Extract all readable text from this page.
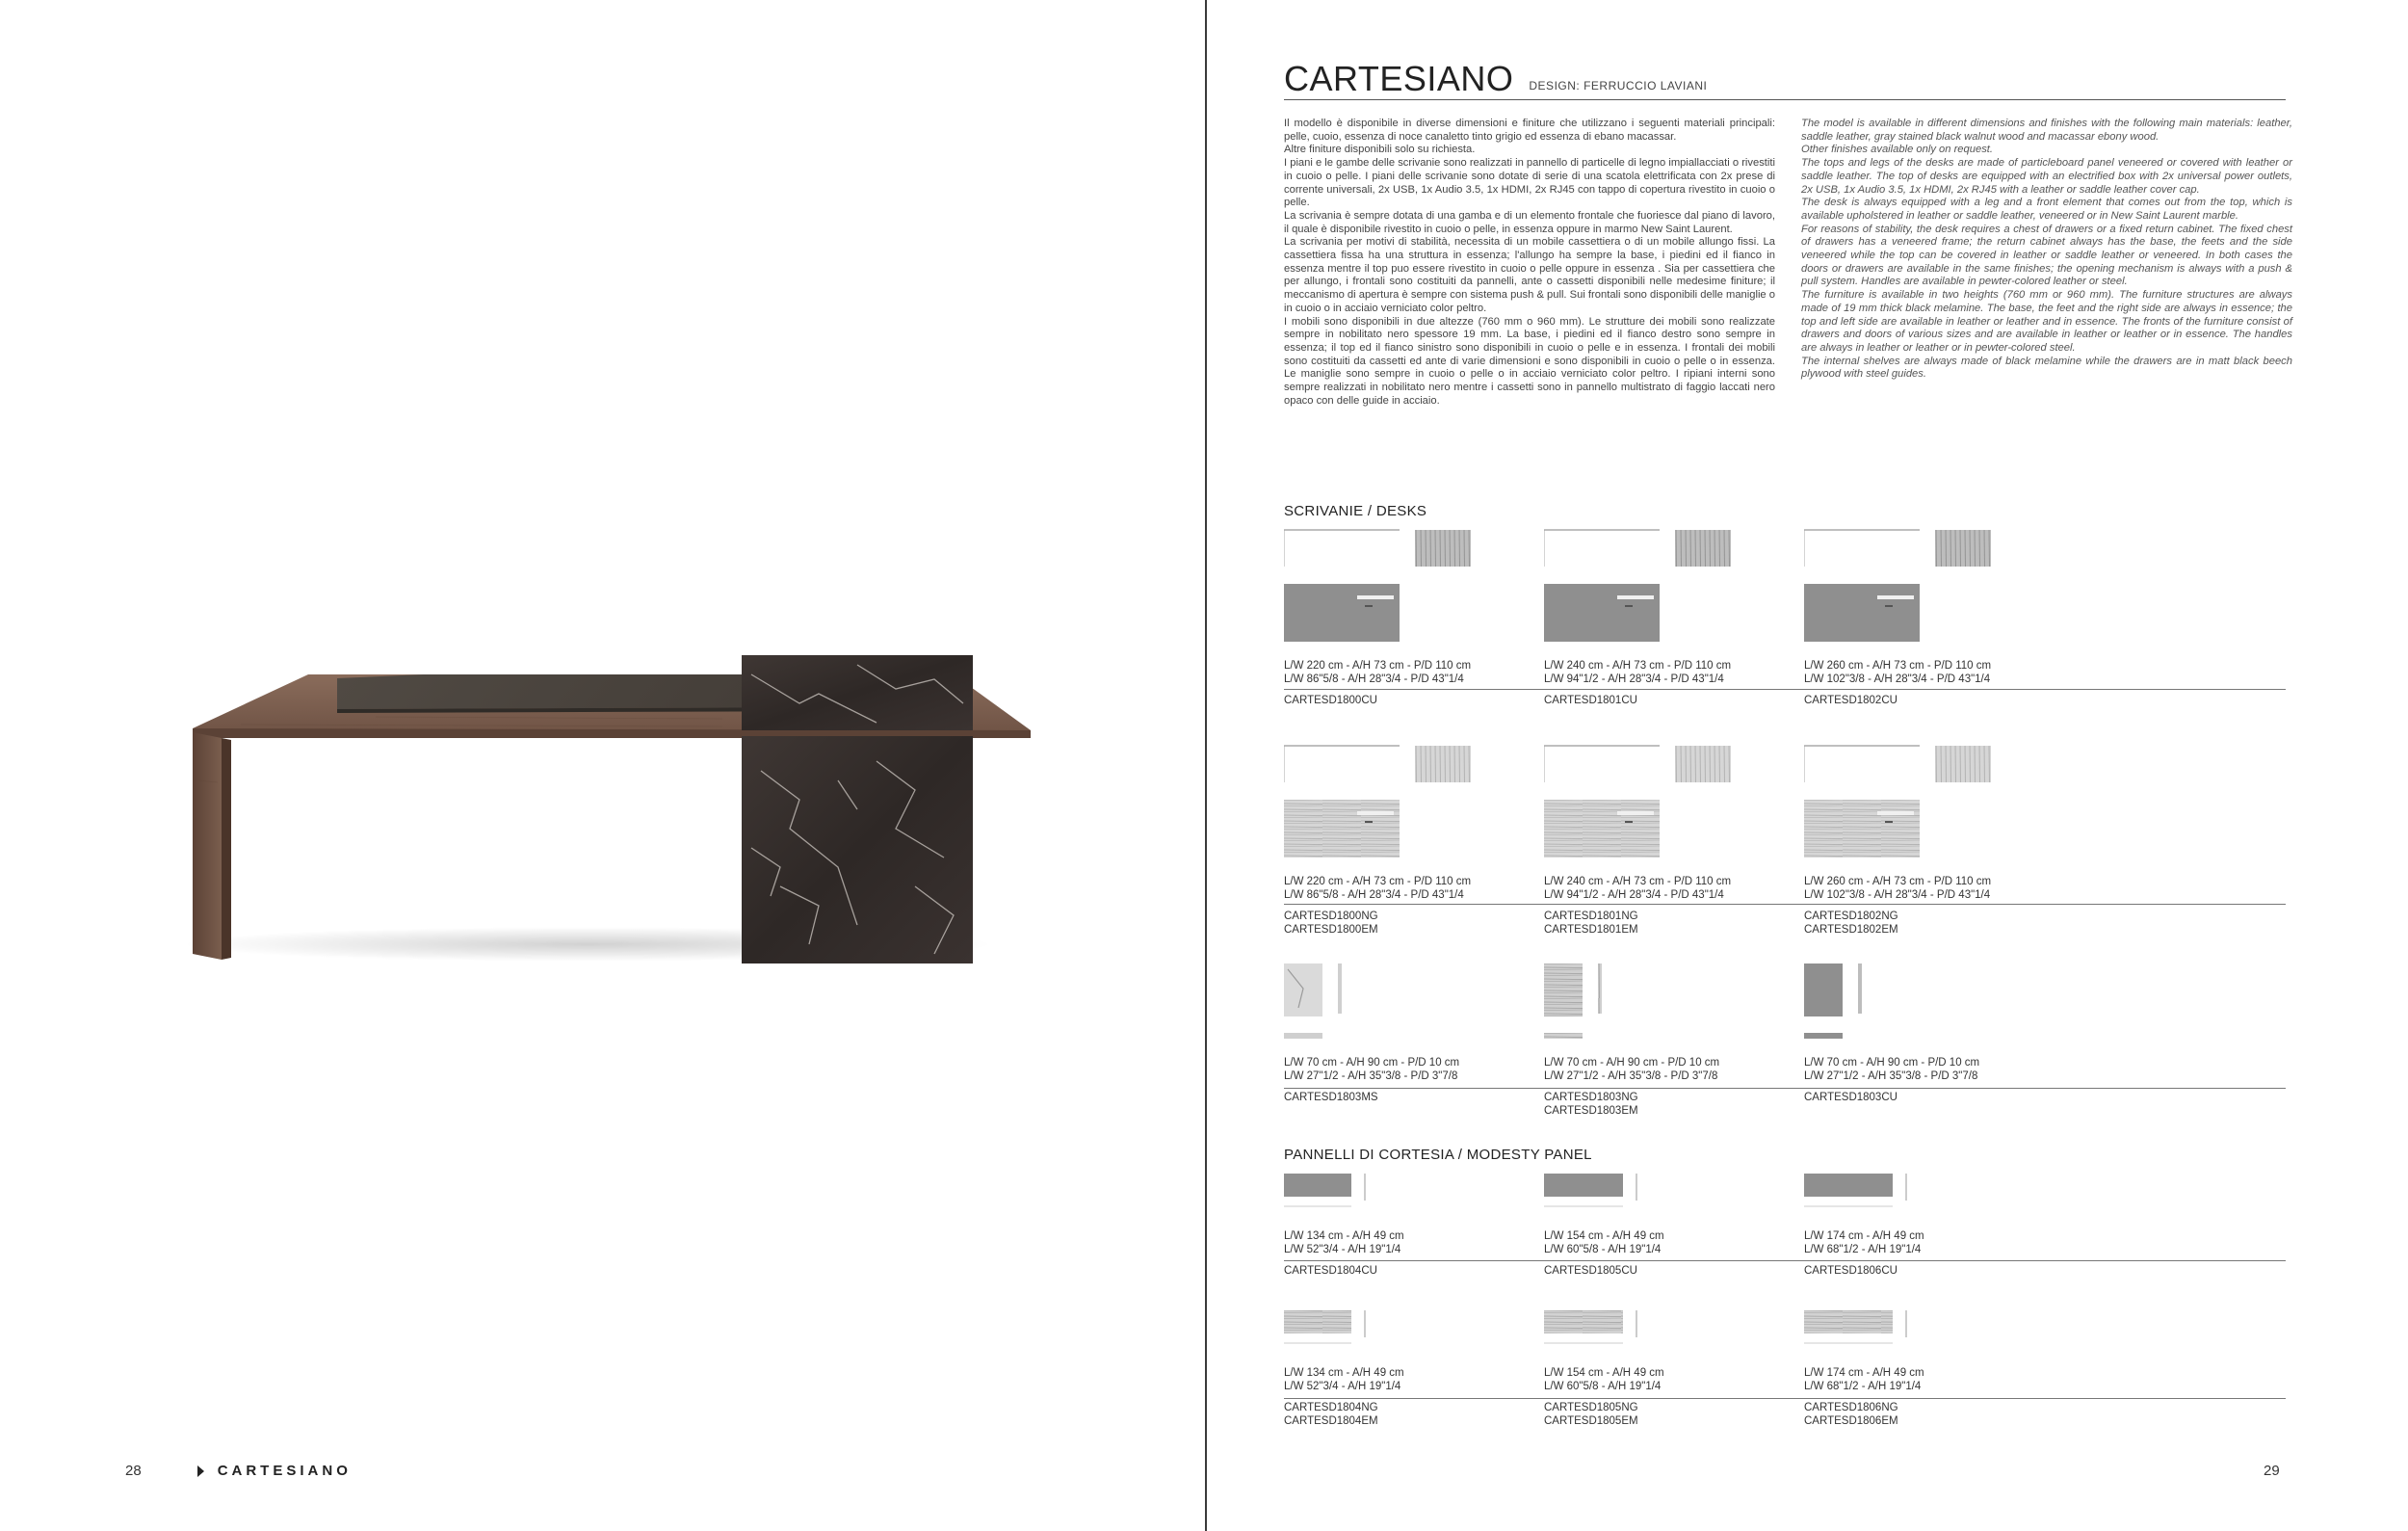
28	CARTESIANO
CARTESIANO DESIGN: FERRUCCIO LAVIANI

Il modello è disponibile in diverse dimensioni e finiture che utilizzano i seguenti materiali principali: pelle, cuoio, essenza di noce canaletto tinto grigio ed essenza di ebano macassar.

Altre finiture disponibili solo su richiesta.

I piani e le gambe delle scrivanie sono realizzati in pannello di particelle di legno impiallacciati o rivestiti in cuoio o pelle. I piani delle scrivanie sono dotate di serie di una scatola elettrificata con 2x prese di corrente universali, 2x USB, 1x Audio 3.5, 1x HDMI, 2x RJ45 con tappo di copertura rivestito in cuoio o pelle.

La scrivania è sempre dotata di una gamba e di un elemento frontale che fuoriesce dal piano di lavoro, il quale è disponibile rivestito in cuoio o pelle, in essenza oppure in marmo New Saint Laurent.

La scrivania per motivi di stabilità, necessita di un mobile cassettiera o di un mobile allungo fissi. La cassettiera fissa ha una struttura in essenza; l'allungo ha sempre la base, i piedini ed il fianco in essenza mentre il top puo essere rivestito in cuoio o pelle oppure in essenza . Sia per cassettiera che per allungo, i frontali sono costituiti da pannelli, ante o cassetti disponibili nelle medesime finiture; il meccanismo di apertura è sempre con sistema push & pull. Sui frontali sono disponibili delle maniglie o in cuoio o in acciaio verniciato color peltro.

I mobili sono disponibili in due altezze (760 mm o 960 mm). Le strutture dei mobili sono realizzate sempre in nobilitato nero spessore 19 mm. La base, i piedini ed il fianco destro sono sempre in essenza; il top ed il fianco sinistro sono disponibili in cuoio o pelle e in essenza. I frontali dei mobili sono costituiti da cassetti ed ante di varie dimensioni e sono disponibili in cuoio o pelle o in essenza. Le maniglie sono sempre in cuoio o pelle o in acciaio verniciato color peltro. I ripiani interni sono sempre realizzati in nobilitato nero mentre i cassetti sono in pannello multistrato di faggio laccati nero opaco con delle guide in acciaio.

The model is available in different dimensions and finishes with the following main materials: leather, saddle leather, gray stained black walnut wood and macassar ebony wood.

Other finishes available only on request.

The tops and legs of the desks are made of particleboard panel veneered or covered with leather or saddle leather. The top of desks are equipped with an electrified box with 2x universal power outlets, 2x USB, 1x Audio 3.5, 1x HDMI, 2x RJ45 with a leather or saddle leather cover cap.

The desk is always equipped with a leg and a front element that comes out from the top, which is available upholstered in leather or saddle leather, veneered or in New Saint Laurent marble.

For reasons of stability, the desk requires a chest of drawers or a fixed return cabinet. The fixed chest of drawers has a veneered frame; the return cabinet always has the base, the feets and the side veneered while the top can be covered in leather or saddle leather or veneered. In both cases the doors or drawers are available in the same finishes; the opening mechanism is always with a push & pull system. Handles are available in pewter-colored leather or steel.

The furniture is available in two heights (760 mm or 960 mm). The furniture structures are always made of 19 mm thick black melamine. The base, the feet and the right side are always in essence; the top and left side are available in leather or leather and in essence. The fronts of the furniture consist of drawers and doors of various sizes and are available in leather or leather or in essence. The handles are always in leather or leather or in pewter-colored steel.

The internal shelves are always made of black melamine while the drawers are in matt black beech plywood with steel guides.

SCRIVANIE / DESKS
PANNELLI DI CORTESIA / MODESTY PANEL
L/W 220 cm - A/H 73 cm - P/D 110 cm
L/W 86"5/8 - A/H 28"3/4 - P/D 43"1/4
CARTESD1800CU
L/W 240 cm - A/H 73 cm - P/D 110 cm
L/W 94"1/2 - A/H 28"3/4 - P/D 43"1/4
CARTESD1801CU
L/W 260 cm - A/H 73 cm - P/D 110 cm
L/W 102"3/8 - A/H 28"3/4 - P/D 43"1/4
CARTESD1802CU
L/W 220 cm - A/H 73 cm - P/D 110 cm
L/W 86"5/8 - A/H 28"3/4 - P/D 43"1/4
CARTESD1800NG
CARTESD1800EM
L/W 240 cm - A/H 73 cm - P/D 110 cm
L/W 94"1/2 - A/H 28"3/4 - P/D 43"1/4
CARTESD1801NG
CARTESD1801EM
L/W 260 cm - A/H 73 cm - P/D 110 cm
L/W 102"3/8 - A/H 28"3/4 - P/D 43"1/4
CARTESD1802NG
CARTESD1802EM
L/W 70 cm - A/H 90 cm - P/D 10 cm
L/W 27"1/2 - A/H 35"3/8 - P/D 3"7/8
CARTESD1803MS
L/W 70 cm - A/H 90 cm - P/D 10 cm
L/W 27"1/2 - A/H 35"3/8 - P/D 3"7/8
CARTESD1803NG
CARTESD1803EM
L/W 70 cm - A/H 90 cm - P/D 10 cm
L/W 27"1/2 - A/H 35"3/8 - P/D 3"7/8
CARTESD1803CU
L/W 134 cm - A/H 49 cm
L/W 52"3/4 - A/H 19"1/4
CARTESD1804CU
L/W 154 cm - A/H 49 cm
L/W 60"5/8 - A/H 19"1/4
CARTESD1805CU
L/W 174 cm - A/H 49 cm
L/W 68"1/2 - A/H 19"1/4
CARTESD1806CU
L/W 134 cm - A/H 49 cm
L/W 52"3/4 - A/H 19"1/4
CARTESD1804NG
CARTESD1804EM
L/W 154 cm - A/H 49 cm
L/W 60"5/8 - A/H 19"1/4
CARTESD1805NG
CARTESD1805EM
L/W 174 cm - A/H 49 cm
L/W 68"1/2 - A/H 19"1/4
CARTESD1806NG
CARTESD1806EM
29
